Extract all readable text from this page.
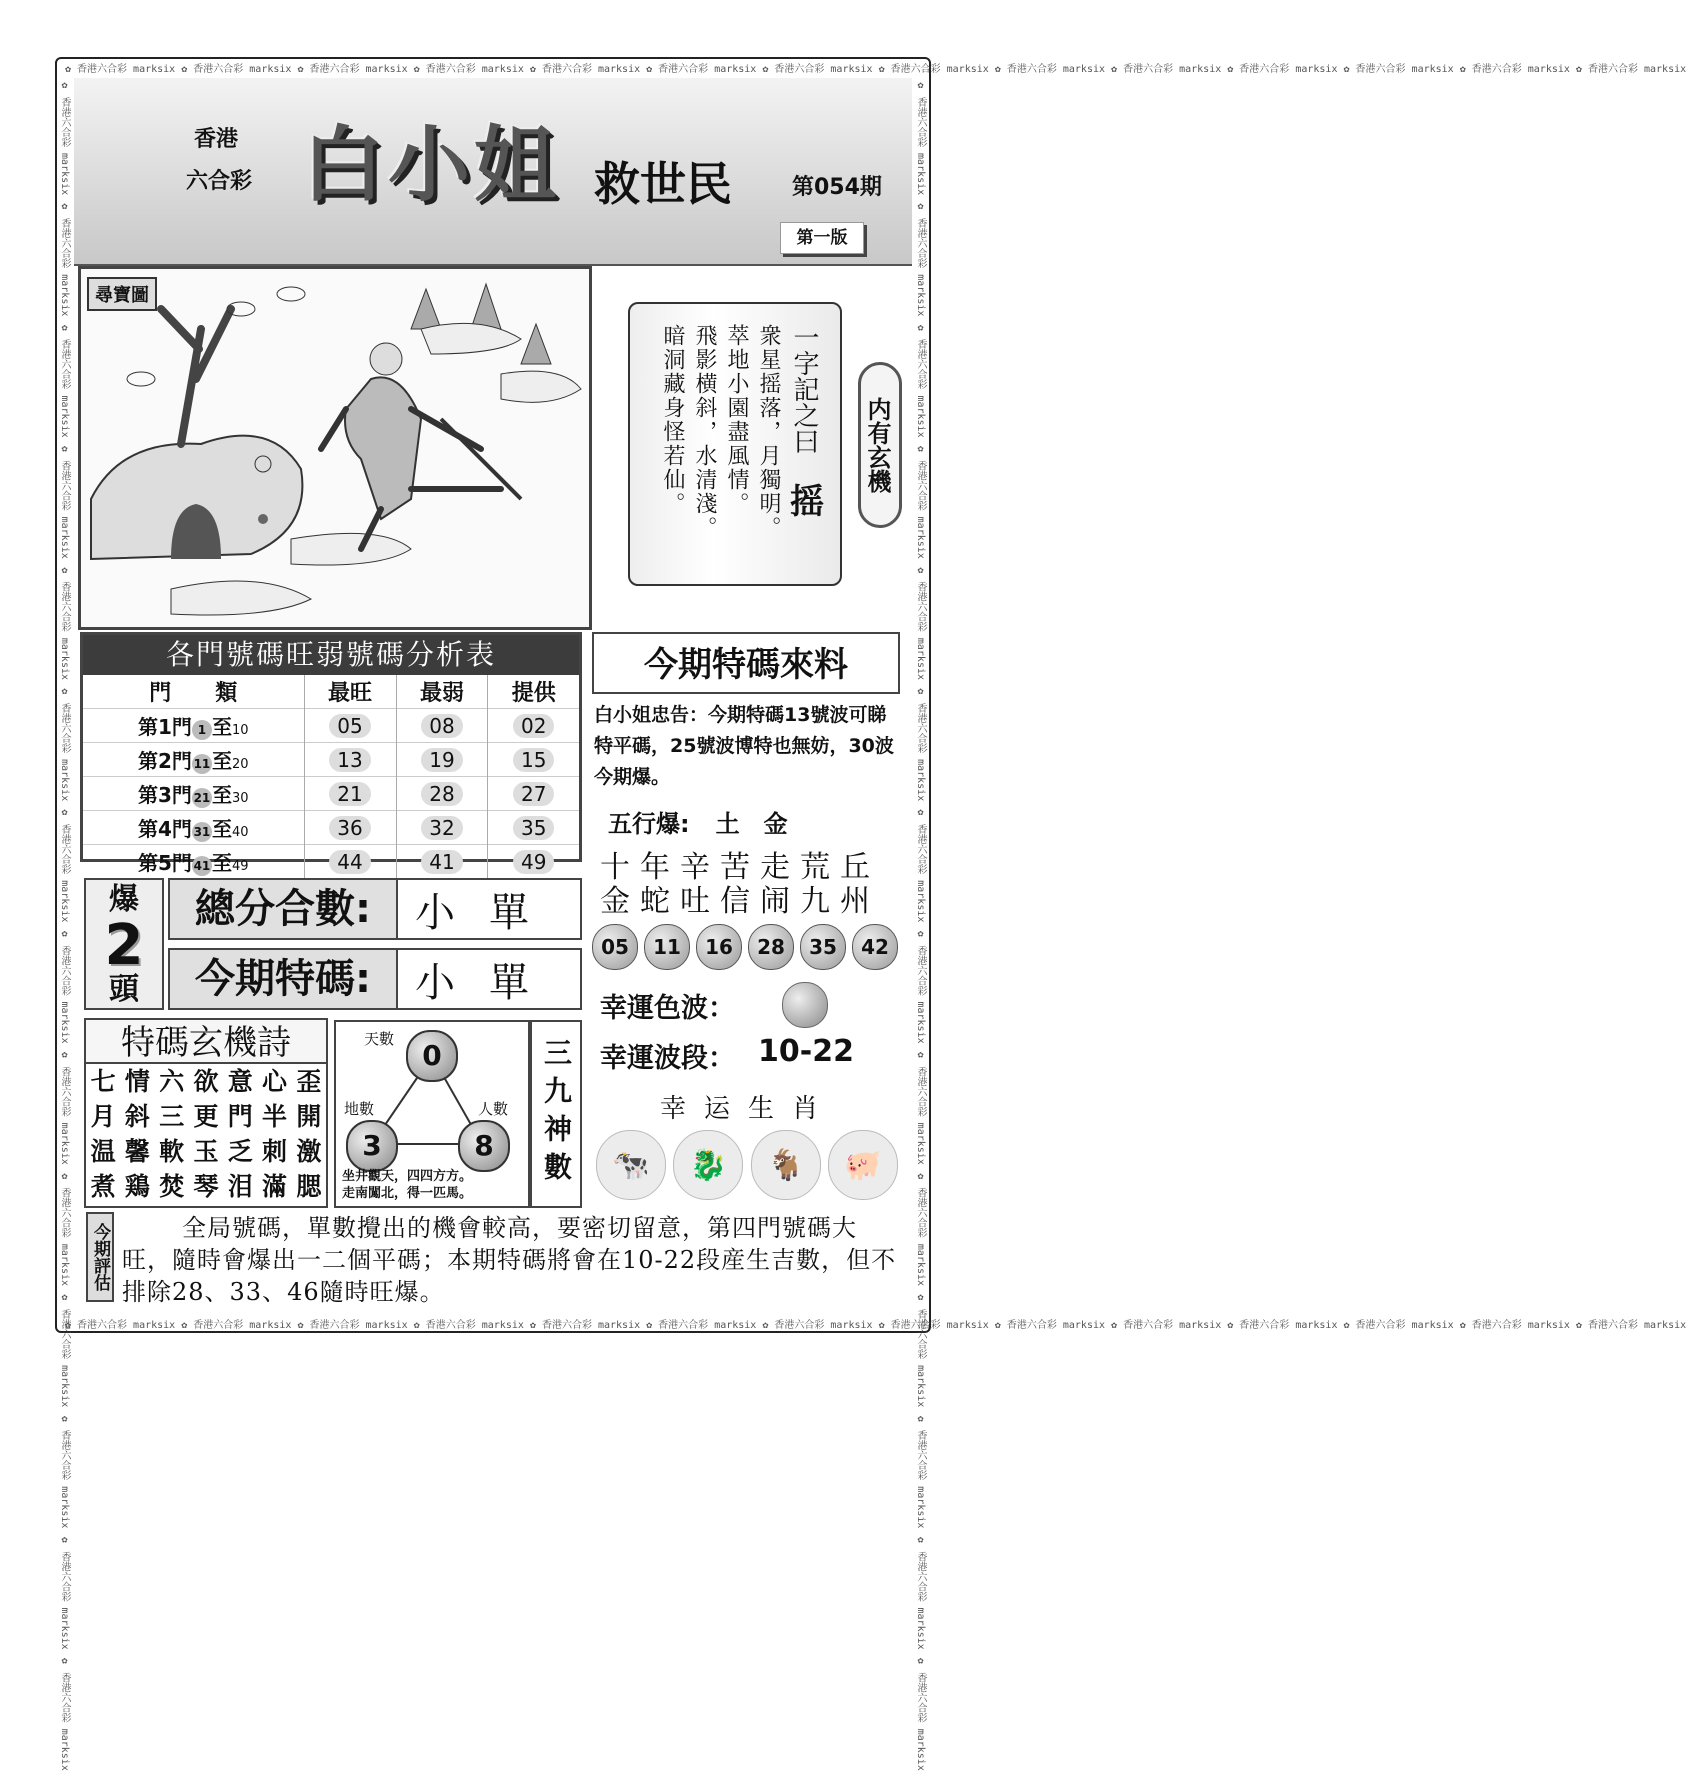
✿ 香港六合彩 marksix ✿ 香港六合彩 marksix ✿ 香港六合彩 marksix ✿ 香港六合彩 marksix ✿ 香港六合彩 marksix ✿ 香港六合彩 marksix ✿ 香港六合彩 marksix ✿ 香港六合彩 marksix ✿ 香港六合彩 marksix ✿ 香港六合彩 marksix ✿ 香港六合彩 marksix ✿ 香港六合彩 marksix ✿ 香港六合彩 marksix ✿ 香港六合彩 marksix
✿ 香港六合彩 marksix ✿ 香港六合彩 marksix ✿ 香港六合彩 marksix ✿ 香港六合彩 marksix ✿ 香港六合彩 marksix ✿ 香港六合彩 marksix ✿ 香港六合彩 marksix ✿ 香港六合彩 marksix ✿ 香港六合彩 marksix ✿ 香港六合彩 marksix ✿ 香港六合彩 marksix ✿ 香港六合彩 marksix ✿ 香港六合彩 marksix ✿ 香港六合彩 marksix
✿ 香港六合彩 marksix ✿ 香港六合彩 marksix ✿ 香港六合彩 marksix ✿ 香港六合彩 marksix ✿ 香港六合彩 marksix ✿ 香港六合彩 marksix ✿ 香港六合彩 marksix ✿ 香港六合彩 marksix ✿ 香港六合彩 marksix ✿ 香港六合彩 marksix ✿ 香港六合彩 marksix ✿ 香港六合彩 marksix ✿ 香港六合彩 marksix ✿ 香港六合彩 marksix	✿ 香港六合彩 marksix ✿ 香港六合彩 marksix ✿ 香港六合彩 marksix ✿ 香港六合彩 marksix ✿ 香港六合彩 marksix ✿ 香港六合彩 marksix ✿ 香港六合彩 marksix ✿ 香港六合彩 marksix ✿ 香港六合彩 marksix ✿ 香港六合彩 marksix ✿ 香港六合彩 marksix ✿ 香港六合彩 marksix ✿ 香港六合彩 marksix ✿ 香港六合彩 marksix
香港
六合彩 白小姐 救世民	第054期
第一版
尋寶圖
一字記之曰
摇
衆星摇落，月獨明。
萃地小園盡風情。
飛影横斜，水清淺。
暗洞藏身怪若仙。	内有玄機
各門號碼旺弱號碼分析表
門　　類	最旺	最弱	提供
第1門 1 至10	05	08	02
第2門 11至20	13	19	15
第3門 21至30	21	28	27
第4門 31至40	36	32	35
第5門 41至49	44	41	49
今期特碼來料
白小姐忠告：今期特碼13號波可睇特平碼，25號波博特也無妨，30波今期爆。
五行爆: 土金
十年辛苦走荒丘
金蛇吐信闹九州
05	11	16	28	35	42
幸運色波：
幸運波段： 10-22
幸运生肖
🐄	🐉	🐐	🐖
爆
2
頭
總分合數:	小單
今期特碼:	小單
特碼玄機詩
七 情 六 欲 意 心 歪
月 斜 三 更 門 半 開
温 馨 軟 玉 乏 刺 激
煮 鶏 焚 琴 泪 滿 腮
天數	0
地數
3
人數
8
坐井觀天，四四方方。
走南闖北，得一匹馬。
三九神數
今期評估	全局號碼，單數攪出的機會較高，要密切留意，第四門號碼大旺，隨時會爆出一二個平碼；本期特碼將會在10-22段産生吉數，但不排除28、33、46隨時旺爆。
